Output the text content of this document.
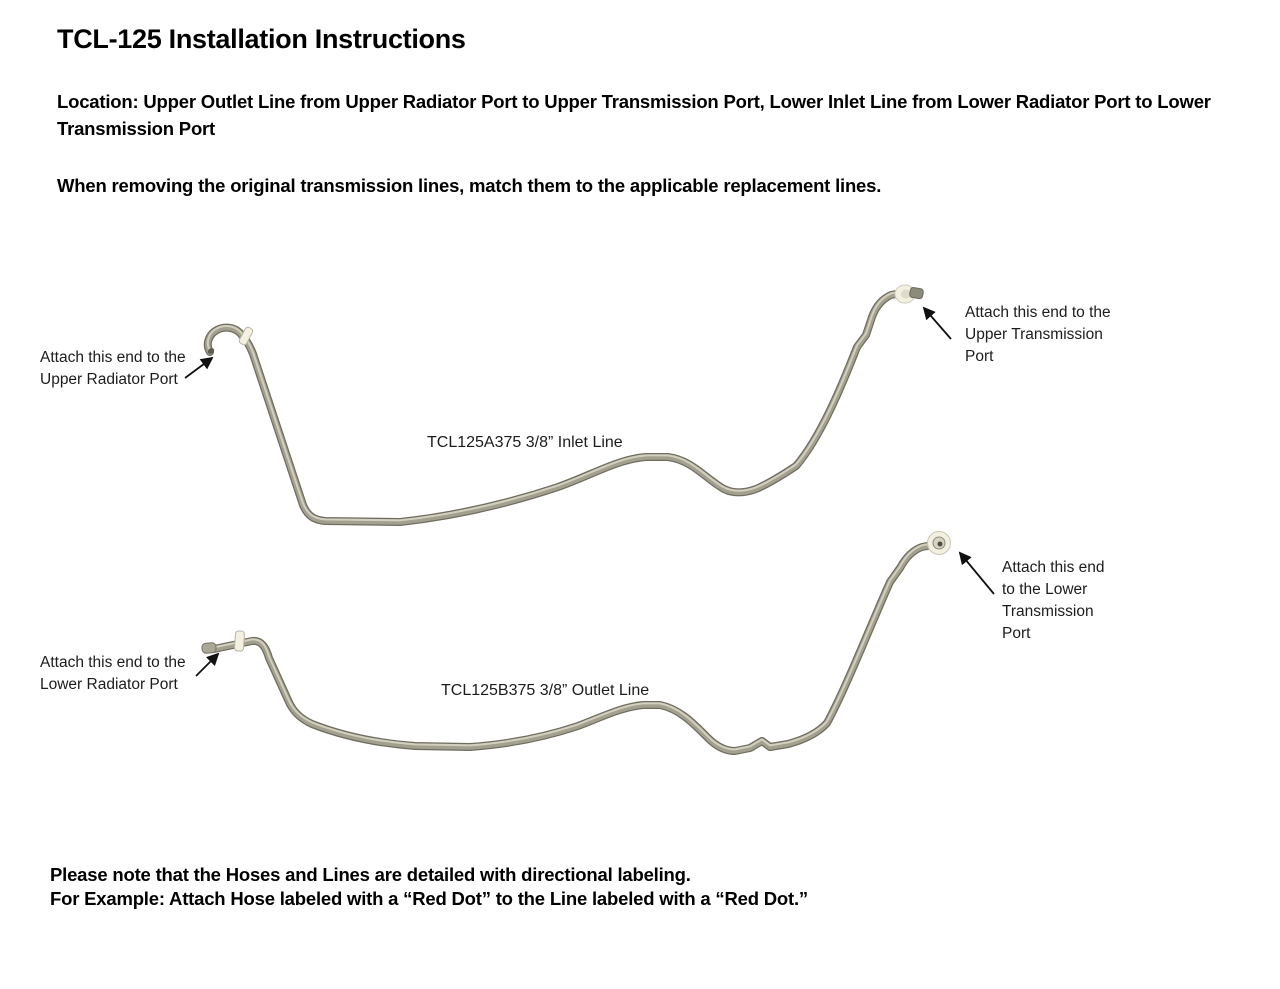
TCL-125 Installation Instructions
Location: Upper Outlet Line from Upper Radiator Port to Upper Transmission Port, Lower Inlet Line from Lower Radiator Port to Lower Transmission Port
When removing the original transmission lines, match them to the applicable replacement lines.
Attach this end to the
Upper Radiator Port
Attach this end to the
Upper Transmission
Port
TCL125A375 3/8” Inlet Line
Attach this end to the
Lower Radiator Port
Attach this end
to the Lower
Transmission
Port
TCL125B375 3/8” Outlet Line
Please note that the Hoses and Lines are detailed with directional labeling.
For Example: Attach Hose labeled with a “Red Dot” to the Line labeled with a “Red Dot.”
